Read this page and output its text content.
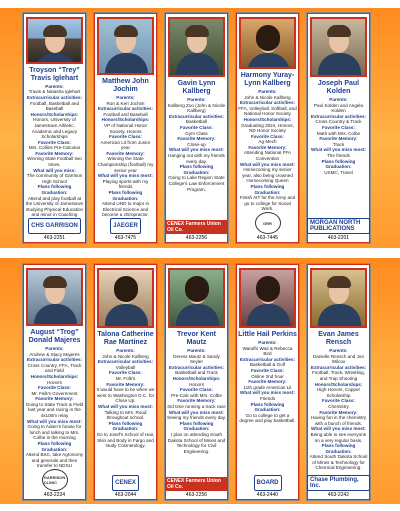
Troyson “Trey” Travis Iglehart
Parents:
Travis & Natasha Iglehart
Extracurricular activities:
Football, Basketball and Baseball
Honors/Scholarships:
Honors, University of Jamestown Athletic, Academic and Legacy Scholarships
Favorite Class:
Mrs. Collins Pre-Calculus
Favorite Memory:
Winning State Football two times.
What will you miss:
The community of Garrison High School
Plans following Graduation:
Attend and play football at the University of Jamestown studying Physical Education and minor in Coaching
CHS GARRISON
463-2251
Matthew John Jochim
Parents:
Ron & Keri Jochim
Extracurricular activities:
Football and Baseball
Honors/Scholarships:
VP of National Honor Society, Honors
Favorite Class:
American Lit from Junior year
Favorite Memory:
Winning the State Championship (football) my senior year
What will you miss most:
Playing sports with my friends
Plans following Graduation:
Attend UND to major in Electrical Science and become a chiropractor.
JAEGER
463-7475
Gavin Lynn Kallberg
Parents:
Kallberg Zoo (John & Nicole Kallberg)
Extracurricular activities:
Basketball
Favorite Class:
Gym Class
Favorite Memory:
Close-up
What will you miss most:
Hanging out with my friends every day.
Plans following Graduation:
Going to Lake Region State College's Law Enforcement Program.
CENEX Farmers Union Oil Co.
463-2256
Harmony Yuray-Lynn Kallberg
Parents:
John & Nicole Kallberg
Extracurricular activities:
FFA, Volleyball, Softball, and National Honor Society
Honors/Scholarships:
Graduating 2024, Honors, ND Honor Society
Favorite Class:
Ag Mech
Favorite Memory:
Attending National FFA Convention
What will you miss most:
Homecoming my senior year, also being crowned Homecoming Queen
Plans following Graduation:
Finish AIT for the Army and go to college for Social Work.
GRR
463-7445
Joseph Paul Kolden
Parents:
Paul Kolden and Angela Kolden
Extracurricular activities:
Cross Country & Track
Favorite Class:
Math with Mrs. Colbe
Favorite Memory:
Track
What will you miss most:
The friends
Plans following Graduation:
USMC, Travel
MORGAN NORTH PUBLICATIONS
463-2201
August “Trog” Donald Majeres
Parents:
Andrew & Stacy Majeres
Extracurricular activities:
Cross Country, FFA, Track and Field
Honors/Scholarships:
Honors
Favorite Class:
Mr. Falk's Government
Favorite Memory:
Going to State Track & Field last year and racing in the 4x100m relay
What will you miss most:
Going to Adam's house for lunch and talking to Mrs. Colbe in the morning
Plans following Graduation:
Attend BSC, take Agronomy and generals and then transfer to NDSU
GARRISON CLINIC
463-2224
Talona Catherine Rae Martinez
Parents:
John & Nicole Kallberg
Extracurricular activities:
Volleyball
Favorite Class:
Mr. Folk's
Favorite Memory:
It would have to be when we went to Washington D.C. for Close Up.
What will you miss most:
Talking to Mrs. Rood throughout school.
Plans following Graduation:
Go to Josef's School of Hair, Skin and Body in Fargo and study Cosmetology.
CENEX
463-2044
Trevor Kent Mautz
Parents:
Dennis Mautz & Sandy Seyler
Extracurricular activities:
Basketball and Track
Honors/Scholarships:
Honors
Favorite Class:
Pre-Calc with Mrs. Colbe
Favorite Memory:
3rd time running a track race
What will you miss most:
Seeing my friends every day.
Plans following Graduation:
I plan on attending South Dakota School of Mines and Technology for Civil Engineering.
CENEX Farmers Union Oil Co.
463-2256
Little Hail Perkins
Parents:
Wandhi Wad & Rebecca Bird
Extracurricular activities:
Basketball & Golf
Favorite Class:
Online 2nd hour
Favorite Memory:
11th grade American Lit
What will you miss most:
Friends
Plans following Graduation:
Go to college to get a degree and play basketball.
BOARD
463-2440
Evan James Rensch
Parents:
Danielle Rensch and Jon Wilcox
Extracurricular activities:
Football, Track, Wrestling, and Trap Shooting
Honors/Scholarships:
High Honors, Copper Scholarship
Favorite Class:
Chemistry
Favorite Memory:
Having fun in the chemistry with a bunch of friends.
What will you miss most:
Being able to see everyone on a very regular basis.
Plans following Graduation:
Attend South Dakota School of Mines & Technology for Chemical Engineering.
Chase Plumbing, Inc.
463-2242
